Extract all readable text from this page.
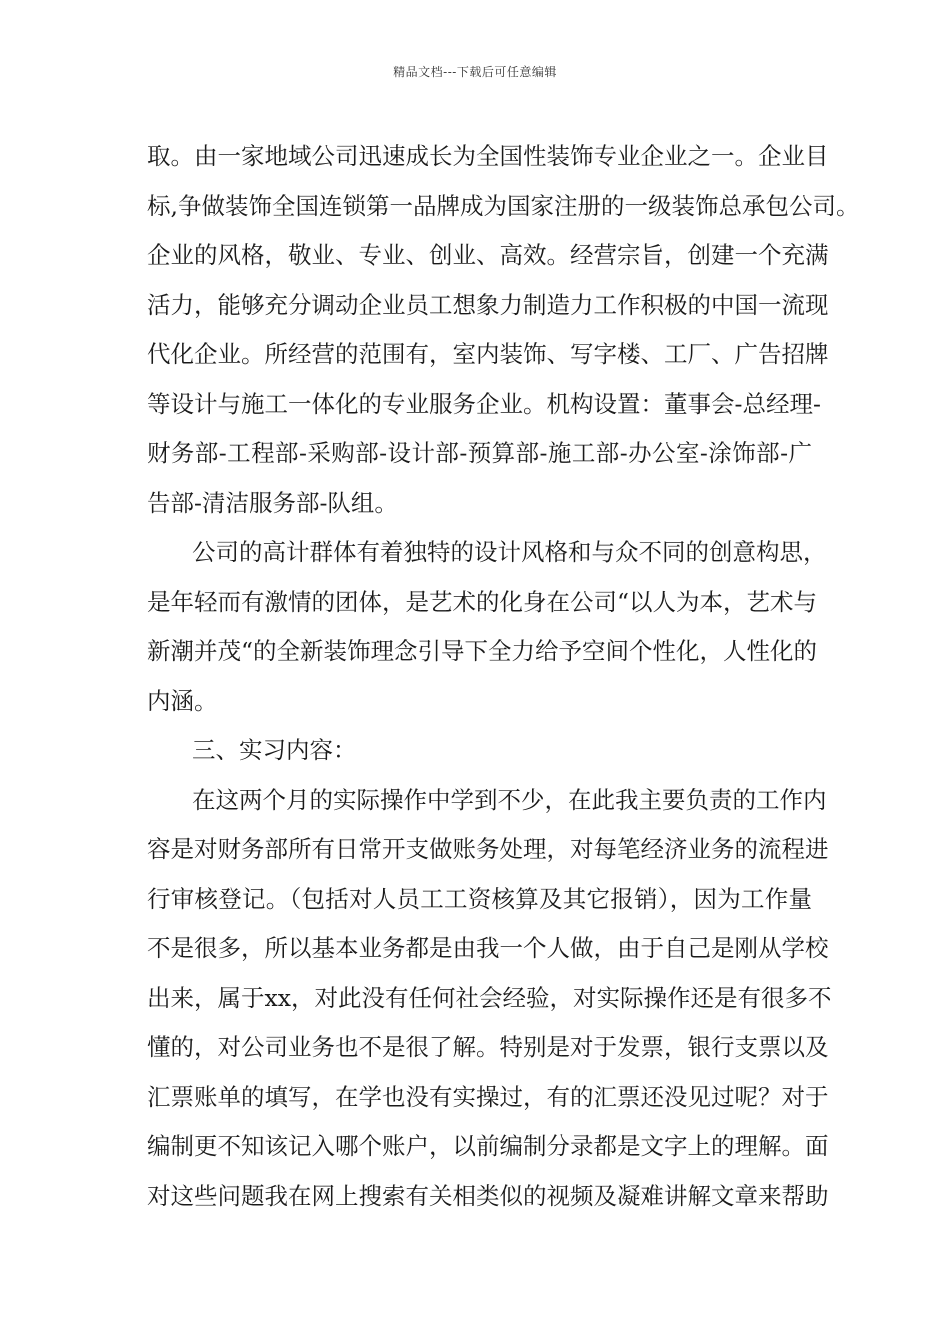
精品文档---下载后可任意编辑
取。由一家地域公司迅速成长为全国性装饰专业企业之一。企业目
标,争做装饰全国连锁第一品牌成为国家注册的一级装饰总承包公司。
企业的风格，敬业、专业、创业、高效。经营宗旨，创建一个充满
活力，能够充分调动企业员工想象力制造力工作积极的中国一流现
代化企业。所经营的范围有，室内装饰、写字楼、工厂、广告招牌
等设计与施工一体化的专业服务企业。机构设置：董事会-总经理-
财务部-工程部-采购部-设计部-预算部-施工部-办公室-涂饰部-广
告部-清洁服务部-队组。
公司的高计群体有着独特的设计风格和与众不同的创意构思，
是年轻而有激情的团体，是艺术的化身在公司“以人为本，艺术与
新潮并茂“的全新装饰理念引导下全力给予空间个性化，人性化的
内涵。
三、实习内容：
在这两个月的实际操作中学到不少，在此我主要负责的工作内
容是对财务部所有日常开支做账务处理，对每笔经济业务的流程进
行审核登记。（包括对人员工工资核算及其它报销），因为工作量
不是很多，所以基本业务都是由我一个人做，由于自己是刚从学校
出来，属于xx，对此没有任何社会经验，对实际操作还是有很多不
懂的，对公司业务也不是很了解。特别是对于发票，银行支票以及
汇票账单的填写，在学也没有实操过，有的汇票还没见过呢？对于
编制更不知该记入哪个账户，以前编制分录都是文字上的理解。面
对这些问题我在网上搜索有关相类似的视频及凝难讲解文章来帮助
